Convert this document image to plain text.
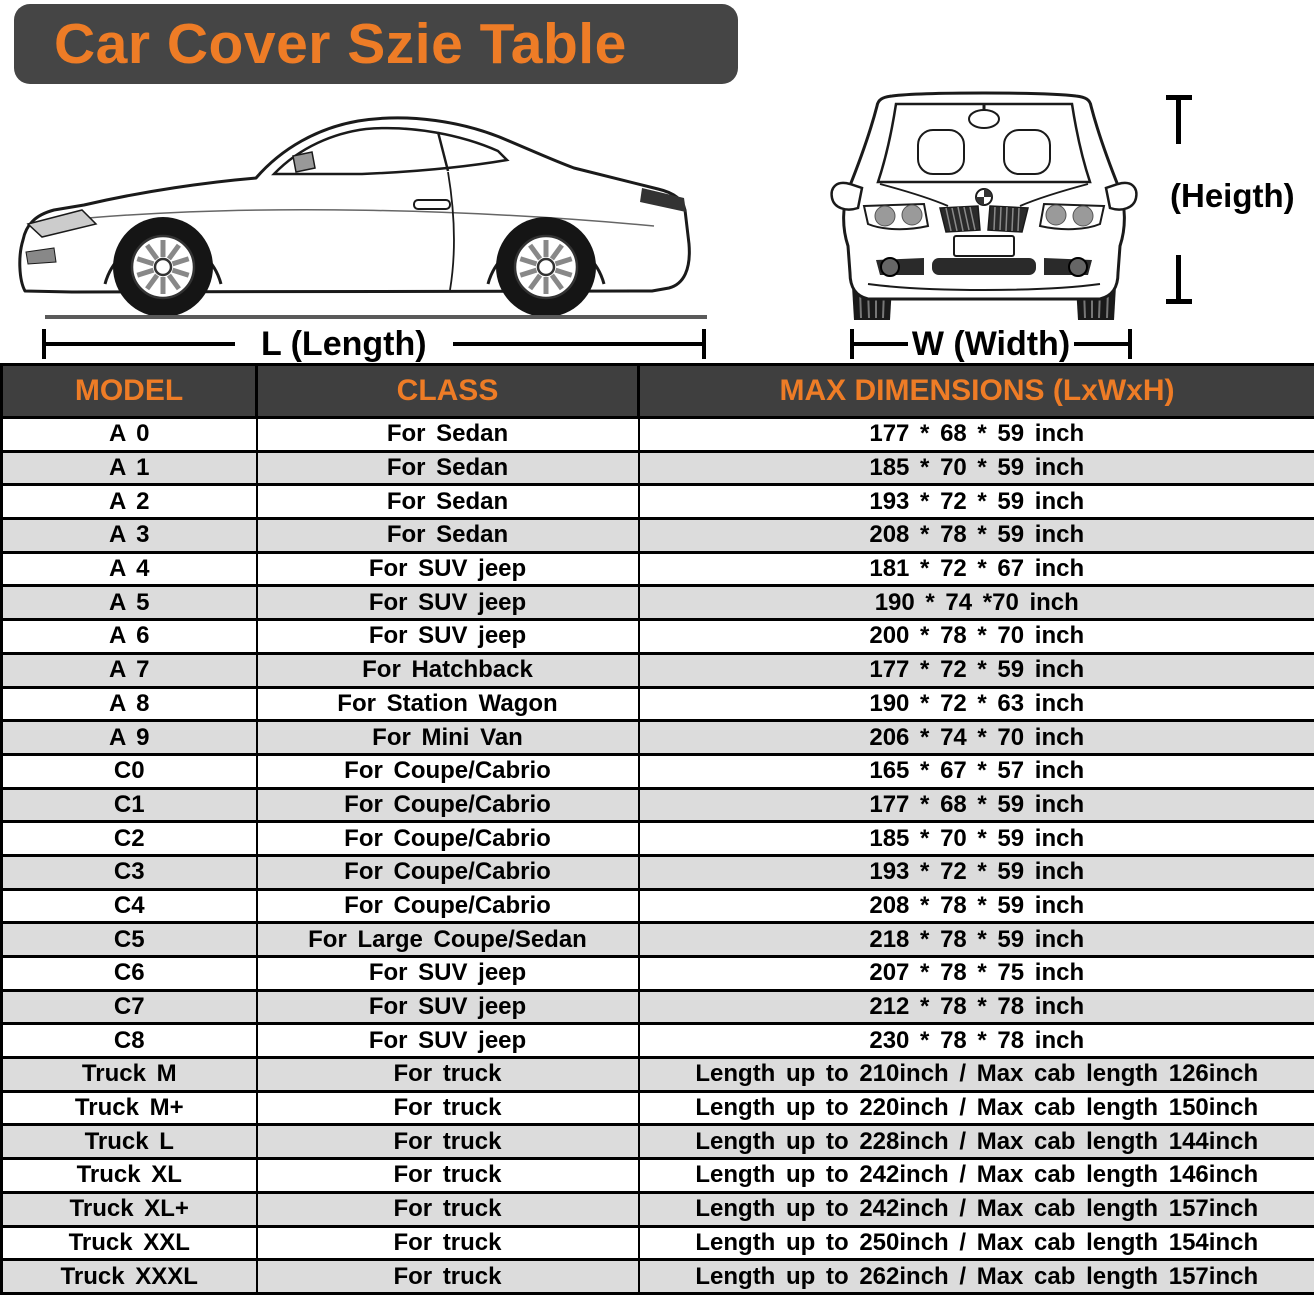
Car Cover Szie Table
L (Length)	W (Width)
(Heigth)
MODEL	CLASS	MAX DIMENSIONS (LxWxH)
A 0	For Sedan	177 * 68 * 59 inch
A 1	For Sedan	185 * 70 * 59 inch
A 2	For Sedan	193 * 72 * 59 inch
A 3	For Sedan	208 * 78 * 59 inch
A 4	For SUV jeep	181 * 72 * 67 inch
A 5	For SUV jeep	190 * 74 *70 inch
A 6	For SUV jeep	200 * 78 * 70 inch
A 7	For Hatchback	177 * 72 * 59 inch
A 8	For Station Wagon	190 * 72 * 63 inch
A 9	For Mini Van	206 * 74 * 70 inch
C0	For Coupe/Cabrio	165 * 67 * 57 inch
C1	For Coupe/Cabrio	177 * 68 * 59 inch
C2	For Coupe/Cabrio	185 * 70 * 59 inch
C3	For Coupe/Cabrio	193 * 72 * 59 inch
C4	For Coupe/Cabrio	208 * 78 * 59 inch
C5	For Large Coupe/Sedan	218 * 78 * 59 inch
C6	For SUV jeep	207 * 78 * 75 inch
C7	For SUV jeep	212 * 78 * 78 inch
C8	For SUV jeep	230 * 78 * 78 inch
Truck M	For truck	Length up to 210inch / Max cab length 126inch
Truck M+	For truck	Length up to 220inch / Max cab length 150inch
Truck L	For truck	Length up to 228inch / Max cab length 144inch
Truck XL	For truck	Length up to 242inch / Max cab length 146inch
Truck XL+	For truck	Length up to 242inch / Max cab length 157inch
Truck XXL	For truck	Length up to 250inch / Max cab length 154inch
Truck XXXL	For truck	Length up to 262inch / Max cab length 157inch
